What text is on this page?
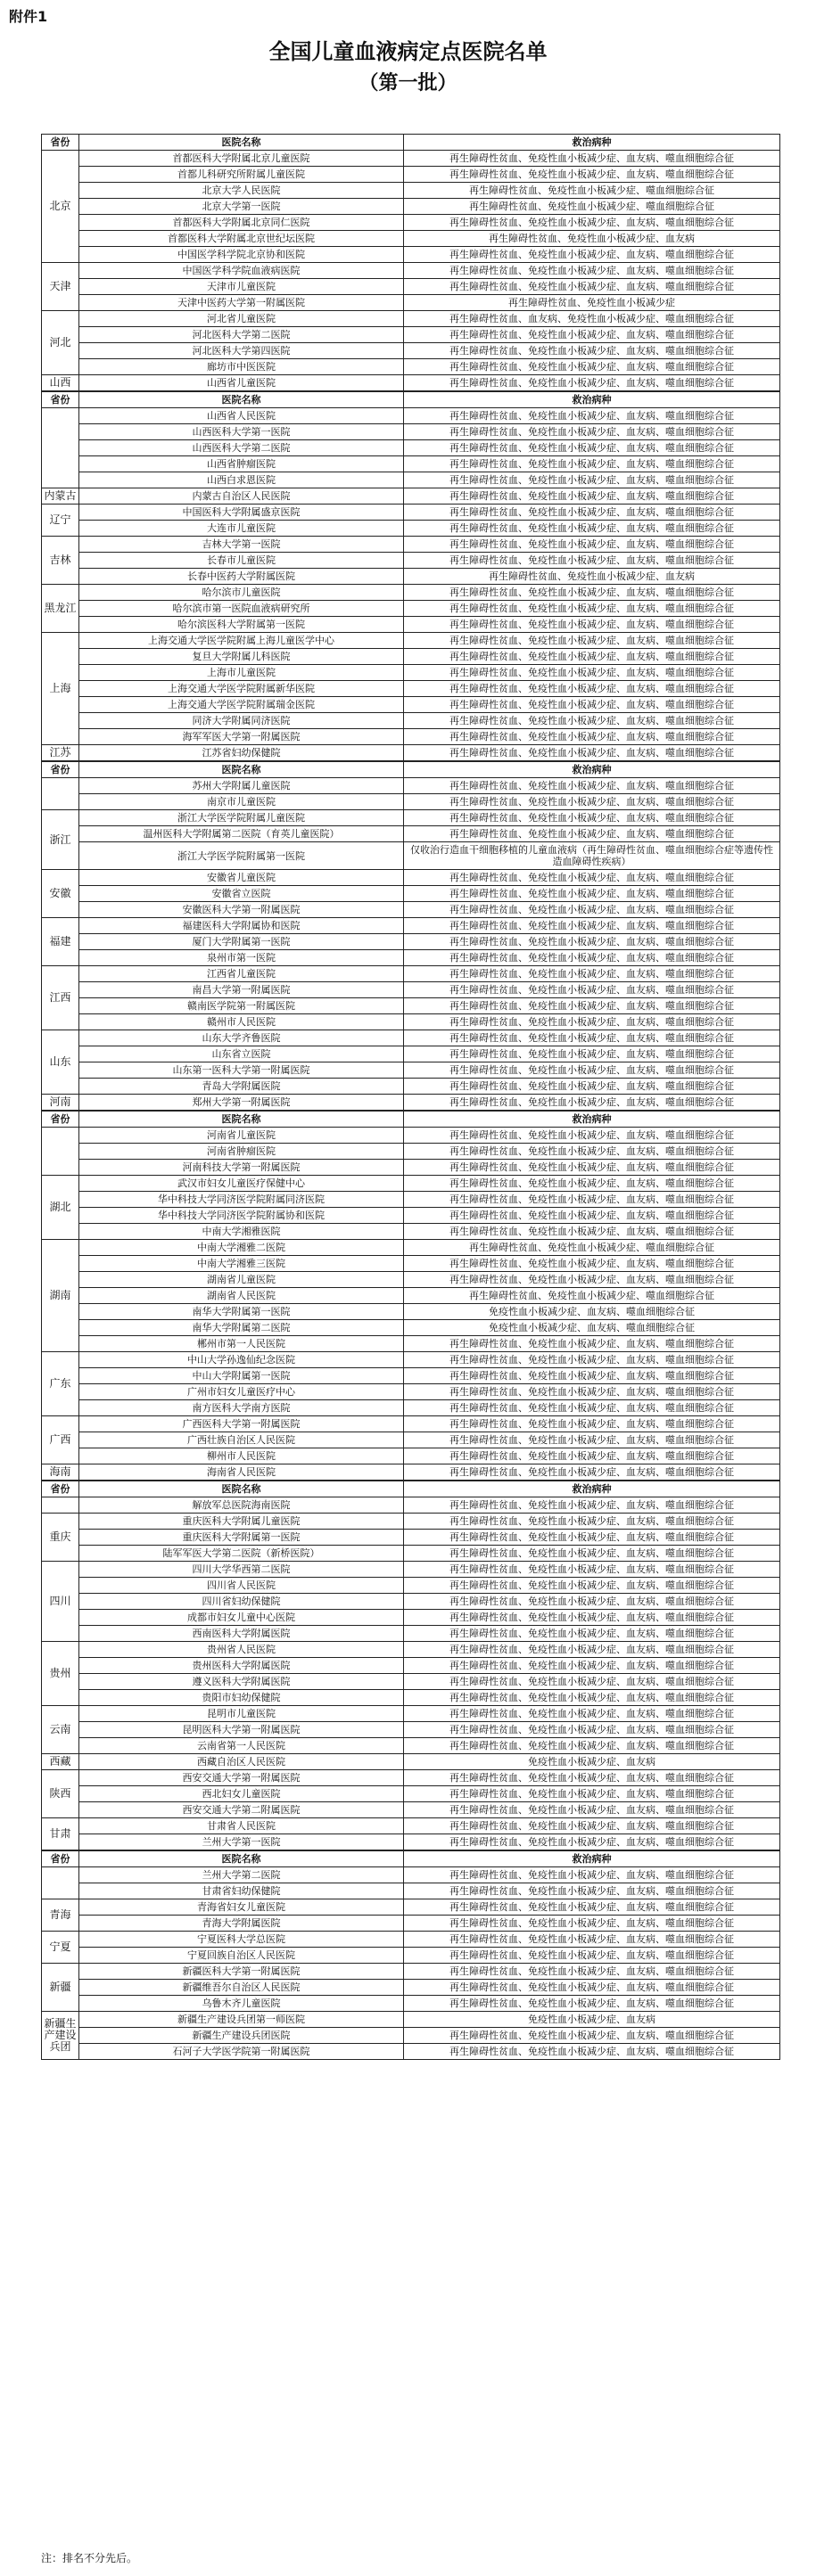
附件1
全国儿童血液病定点医院名单
（第一批）
省份	医院名称	救治病种
北京	首都医科大学附属北京儿童医院	再生障碍性贫血、免疫性血小板减少症、血友病、噬血细胞综合征
	首都儿科研究所附属儿童医院	再生障碍性贫血、免疫性血小板减少症、血友病、噬血细胞综合征
	北京大学人民医院	再生障碍性贫血、免疫性血小板减少症、噬血细胞综合征
	北京大学第一医院	再生障碍性贫血、免疫性血小板减少症、噬血细胞综合征
	首都医科大学附属北京同仁医院	再生障碍性贫血、免疫性血小板减少症、血友病、噬血细胞综合征
	首都医科大学附属北京世纪坛医院	再生障碍性贫血、免疫性血小板减少症、血友病
	中国医学科学院北京协和医院	再生障碍性贫血、免疫性血小板减少症、血友病、噬血细胞综合征
天津	中国医学科学院血液病医院	再生障碍性贫血、免疫性血小板减少症、血友病、噬血细胞综合征
	天津市儿童医院	再生障碍性贫血、免疫性血小板减少症、血友病、噬血细胞综合征
	天津中医药大学第一附属医院	再生障碍性贫血、免疫性血小板减少症
河北	河北省儿童医院	再生障碍性贫血、血友病、免疫性血小板减少症、噬血细胞综合征
	河北医科大学第二医院	再生障碍性贫血、免疫性血小板减少症、血友病、噬血细胞综合征
	河北医科大学第四医院	再生障碍性贫血、免疫性血小板减少症、血友病、噬血细胞综合征
	廊坊市中医医院	再生障碍性贫血、免疫性血小板减少症、血友病、噬血细胞综合征
山西	山西省儿童医院	再生障碍性贫血、免疫性血小板减少症、血友病、噬血细胞综合征
省份	医院名称	救治病种
	山西省人民医院	再生障碍性贫血、免疫性血小板减少症、血友病、噬血细胞综合征
	山西医科大学第一医院	再生障碍性贫血、免疫性血小板减少症、血友病、噬血细胞综合征
	山西医科大学第二医院	再生障碍性贫血、免疫性血小板减少症、血友病、噬血细胞综合征
	山西省肿瘤医院	再生障碍性贫血、免疫性血小板减少症、血友病、噬血细胞综合征
	山西白求恩医院	再生障碍性贫血、免疫性血小板减少症、血友病、噬血细胞综合征
内蒙古	内蒙古自治区人民医院	再生障碍性贫血、免疫性血小板减少症、血友病、噬血细胞综合征
辽宁	中国医科大学附属盛京医院	再生障碍性贫血、免疫性血小板减少症、血友病、噬血细胞综合征
	大连市儿童医院	再生障碍性贫血、免疫性血小板减少症、血友病、噬血细胞综合征
吉林	吉林大学第一医院	再生障碍性贫血、免疫性血小板减少症、血友病、噬血细胞综合征
	长春市儿童医院	再生障碍性贫血、免疫性血小板减少症、血友病、噬血细胞综合征
	长春中医药大学附属医院	再生障碍性贫血、免疫性血小板减少症、血友病
黑龙江	哈尔滨市儿童医院	再生障碍性贫血、免疫性血小板减少症、血友病、噬血细胞综合征
	哈尔滨市第一医院血液病研究所	再生障碍性贫血、免疫性血小板减少症、血友病、噬血细胞综合征
	哈尔滨医科大学附属第一医院	再生障碍性贫血、免疫性血小板减少症、血友病、噬血细胞综合征
上海	上海交通大学医学院附属上海儿童医学中心	再生障碍性贫血、免疫性血小板减少症、血友病、噬血细胞综合征
	复旦大学附属儿科医院	再生障碍性贫血、免疫性血小板减少症、血友病、噬血细胞综合征
	上海市儿童医院	再生障碍性贫血、免疫性血小板减少症、血友病、噬血细胞综合征
	上海交通大学医学院附属新华医院	再生障碍性贫血、免疫性血小板减少症、血友病、噬血细胞综合征
	上海交通大学医学院附属瑞金医院	再生障碍性贫血、免疫性血小板减少症、血友病、噬血细胞综合征
	同济大学附属同济医院	再生障碍性贫血、免疫性血小板减少症、血友病、噬血细胞综合征
	海军军医大学第一附属医院	再生障碍性贫血、免疫性血小板减少症、血友病、噬血细胞综合征
江苏	江苏省妇幼保健院	再生障碍性贫血、免疫性血小板减少症、血友病、噬血细胞综合征
省份	医院名称	救治病种
	苏州大学附属儿童医院	再生障碍性贫血、免疫性血小板减少症、血友病、噬血细胞综合征
	南京市儿童医院	再生障碍性贫血、免疫性血小板减少症、血友病、噬血细胞综合征
浙江	浙江大学医学院附属儿童医院	再生障碍性贫血、免疫性血小板减少症、血友病、噬血细胞综合征
	温州医科大学附属第二医院（育英儿童医院）	再生障碍性贫血、免疫性血小板减少症、血友病、噬血细胞综合征
	浙江大学医学院附属第一医院	仅收治行造血干细胞移植的儿童血液病（再生障碍性贫血、噬血细胞综合症等遗传性造血障碍性疾病）
安徽	安徽省儿童医院	再生障碍性贫血、免疫性血小板减少症、血友病、噬血细胞综合征
	安徽省立医院	再生障碍性贫血、免疫性血小板减少症、血友病、噬血细胞综合征
	安徽医科大学第一附属医院	再生障碍性贫血、免疫性血小板减少症、血友病、噬血细胞综合征
福建	福建医科大学附属协和医院	再生障碍性贫血、免疫性血小板减少症、血友病、噬血细胞综合征
	厦门大学附属第一医院	再生障碍性贫血、免疫性血小板减少症、血友病、噬血细胞综合征
	泉州市第一医院	再生障碍性贫血、免疫性血小板减少症、血友病、噬血细胞综合征
江西	江西省儿童医院	再生障碍性贫血、免疫性血小板减少症、血友病、噬血细胞综合征
	南昌大学第一附属医院	再生障碍性贫血、免疫性血小板减少症、血友病、噬血细胞综合征
	赣南医学院第一附属医院	再生障碍性贫血、免疫性血小板减少症、血友病、噬血细胞综合征
	赣州市人民医院	再生障碍性贫血、免疫性血小板减少症、血友病、噬血细胞综合征
山东	山东大学齐鲁医院	再生障碍性贫血、免疫性血小板减少症、血友病、噬血细胞综合征
	山东省立医院	再生障碍性贫血、免疫性血小板减少症、血友病、噬血细胞综合征
	山东第一医科大学第一附属医院	再生障碍性贫血、免疫性血小板减少症、血友病、噬血细胞综合征
	青岛大学附属医院	再生障碍性贫血、免疫性血小板减少症、血友病、噬血细胞综合征
河南	郑州大学第一附属医院	再生障碍性贫血、免疫性血小板减少症、血友病、噬血细胞综合征
省份	医院名称	救治病种
	河南省儿童医院	再生障碍性贫血、免疫性血小板减少症、血友病、噬血细胞综合征
	河南省肿瘤医院	再生障碍性贫血、免疫性血小板减少症、血友病、噬血细胞综合征
	河南科技大学第一附属医院	再生障碍性贫血、免疫性血小板减少症、血友病、噬血细胞综合征
湖北	武汉市妇女儿童医疗保健中心	再生障碍性贫血、免疫性血小板减少症、血友病、噬血细胞综合征
	华中科技大学同济医学院附属同济医院	再生障碍性贫血、免疫性血小板减少症、血友病、噬血细胞综合征
	华中科技大学同济医学院附属协和医院	再生障碍性贫血、免疫性血小板减少症、血友病、噬血细胞综合征
	中南大学湘雅医院	再生障碍性贫血、免疫性血小板减少症、血友病、噬血细胞综合征
湖南	中南大学湘雅二医院	再生障碍性贫血、免疫性血小板减少症、噬血细胞综合征
	中南大学湘雅三医院	再生障碍性贫血、免疫性血小板减少症、血友病、噬血细胞综合征
	湖南省儿童医院	再生障碍性贫血、免疫性血小板减少症、血友病、噬血细胞综合征
	湖南省人民医院	再生障碍性贫血、免疫性血小板减少症、噬血细胞综合征
	南华大学附属第一医院	免疫性血小板减少症、血友病、噬血细胞综合征
	南华大学附属第二医院	免疫性血小板减少症、血友病、噬血细胞综合征
	郴州市第一人民医院	再生障碍性贫血、免疫性血小板减少症、血友病、噬血细胞综合征
广东	中山大学孙逸仙纪念医院	再生障碍性贫血、免疫性血小板减少症、血友病、噬血细胞综合征
	中山大学附属第一医院	再生障碍性贫血、免疫性血小板减少症、血友病、噬血细胞综合征
	广州市妇女儿童医疗中心	再生障碍性贫血、免疫性血小板减少症、血友病、噬血细胞综合征
	南方医科大学南方医院	再生障碍性贫血、免疫性血小板减少症、血友病、噬血细胞综合征
广西	广西医科大学第一附属医院	再生障碍性贫血、免疫性血小板减少症、血友病、噬血细胞综合征
	广西壮族自治区人民医院	再生障碍性贫血、免疫性血小板减少症、血友病、噬血细胞综合征
	柳州市人民医院	再生障碍性贫血、免疫性血小板减少症、血友病、噬血细胞综合征
海南	海南省人民医院	再生障碍性贫血、免疫性血小板减少症、血友病、噬血细胞综合征
省份	医院名称	救治病种
	解放军总医院海南医院	再生障碍性贫血、免疫性血小板减少症、血友病、噬血细胞综合征
重庆	重庆医科大学附属儿童医院	再生障碍性贫血、免疫性血小板减少症、血友病、噬血细胞综合征
	重庆医科大学附属第一医院	再生障碍性贫血、免疫性血小板减少症、血友病、噬血细胞综合征
	陆军军医大学第二医院（新桥医院）	再生障碍性贫血、免疫性血小板减少症、血友病、噬血细胞综合征
四川	四川大学华西第二医院	再生障碍性贫血、免疫性血小板减少症、血友病、噬血细胞综合征
	四川省人民医院	再生障碍性贫血、免疫性血小板减少症、血友病、噬血细胞综合征
	四川省妇幼保健院	再生障碍性贫血、免疫性血小板减少症、血友病、噬血细胞综合征
	成都市妇女儿童中心医院	再生障碍性贫血、免疫性血小板减少症、血友病、噬血细胞综合征
	西南医科大学附属医院	再生障碍性贫血、免疫性血小板减少症、血友病、噬血细胞综合征
贵州	贵州省人民医院	再生障碍性贫血、免疫性血小板减少症、血友病、噬血细胞综合征
	贵州医科大学附属医院	再生障碍性贫血、免疫性血小板减少症、血友病、噬血细胞综合征
	遵义医科大学附属医院	再生障碍性贫血、免疫性血小板减少症、血友病、噬血细胞综合征
	贵阳市妇幼保健院	再生障碍性贫血、免疫性血小板减少症、血友病、噬血细胞综合征
云南	昆明市儿童医院	再生障碍性贫血、免疫性血小板减少症、血友病、噬血细胞综合征
	昆明医科大学第一附属医院	再生障碍性贫血、免疫性血小板减少症、血友病、噬血细胞综合征
	云南省第一人民医院	再生障碍性贫血、免疫性血小板减少症、血友病、噬血细胞综合征
西藏	西藏自治区人民医院	免疫性血小板减少症、血友病
陕西	西安交通大学第一附属医院	再生障碍性贫血、免疫性血小板减少症、血友病、噬血细胞综合征
	西北妇女儿童医院	再生障碍性贫血、免疫性血小板减少症、血友病、噬血细胞综合征
	西安交通大学第二附属医院	再生障碍性贫血、免疫性血小板减少症、血友病、噬血细胞综合征
甘肃	甘肃省人民医院	再生障碍性贫血、免疫性血小板减少症、血友病、噬血细胞综合征
	兰州大学第一医院	再生障碍性贫血、免疫性血小板减少症、血友病、噬血细胞综合征
省份	医院名称	救治病种
	兰州大学第二医院	再生障碍性贫血、免疫性血小板减少症、血友病、噬血细胞综合征
	甘肃省妇幼保健院	再生障碍性贫血、免疫性血小板减少症、血友病、噬血细胞综合征
青海	青海省妇女儿童医院	再生障碍性贫血、免疫性血小板减少症、血友病、噬血细胞综合征
	青海大学附属医院	再生障碍性贫血、免疫性血小板减少症、血友病、噬血细胞综合征
宁夏	宁夏医科大学总医院	再生障碍性贫血、免疫性血小板减少症、血友病、噬血细胞综合征
	宁夏回族自治区人民医院	再生障碍性贫血、免疫性血小板减少症、血友病、噬血细胞综合征
新疆	新疆医科大学第一附属医院	再生障碍性贫血、免疫性血小板减少症、血友病、噬血细胞综合征
	新疆维吾尔自治区人民医院	再生障碍性贫血、免疫性血小板减少症、血友病、噬血细胞综合征
	乌鲁木齐儿童医院	再生障碍性贫血、免疫性血小板减少症、血友病、噬血细胞综合征
新疆生产建设兵团	新疆生产建设兵团第一师医院	免疫性血小板减少症、血友病
	新疆生产建设兵团医院	再生障碍性贫血、免疫性血小板减少症、血友病、噬血细胞综合征
	石河子大学医学院第一附属医院	再生障碍性贫血、免疫性血小板减少症、血友病、噬血细胞综合征
注：排名不分先后。
